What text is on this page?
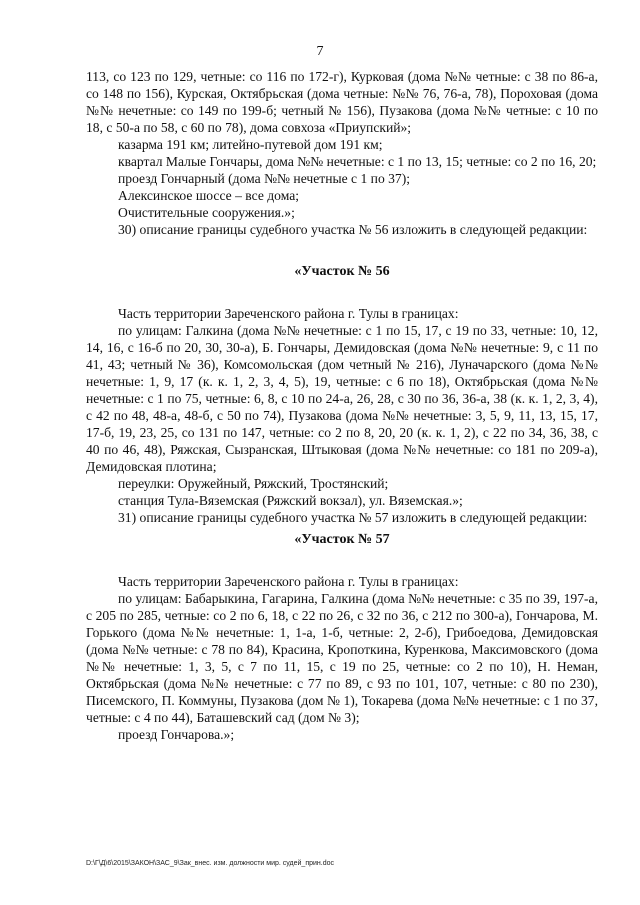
7

113, со 123 по 129, четные: со 116 по 172-г), Курковая (дома №№ четные: с 38 по 86-а, со 148 по 156), Курская, Октябрьская (дома четные: №№ 76, 76-а, 78), Пороховая (дома №№ нечетные: со 149 по 199-б; четный № 156), Пузакова (дома №№ четные: с 10 по 18, с 50-а по 58, с 60 по 78), дома совхоза «Приупский»;

казарма 191 км; литейно-путевой дом 191 км;

квартал Малые Гончары, дома №№ нечетные: с 1 по 13, 15; четные: со 2 по 16, 20;

проезд Гончарный (дома №№ нечетные с 1 по 37);

Алексинское шоссе – все дома;

Очистительные сооружения.»;

30) описание границы судебного участка № 56 изложить в следующей редакции:

«Участок № 56

Часть территории Зареченского района г. Тулы в границах:

по улицам: Галкина (дома №№ нечетные: с 1 по 15, 17, с 19 по 33, четные: 10, 12, 14, 16, с 16-б по 20, 30, 30-а), Б. Гончары, Демидовская (дома №№ нечетные: 9, с 11 по 41, 43; четный № 36), Комсомольская (дом четный № 216), Луначарского (дома №№ нечетные: 1, 9, 17 (к. к. 1, 2, 3, 4, 5), 19, четные: с 6 по 18), Октябрьская (дома №№ нечетные: с 1 по 75, четные: 6, 8, с 10 по 24-а, 26, 28, с 30 по 36, 36-а, 38 (к. к. 1, 2, 3, 4), с 42 по 48, 48-а, 48-б, с 50 по 74), Пузакова (дома №№ нечетные: 3, 5, 9, 11, 13, 15, 17, 17-б, 19, 23, 25, со 131 по 147, четные: со 2 по 8, 20, 20 (к. к. 1, 2), с 22 по 34, 36, 38, с 40 по 46, 48), Ряжская, Сызранская, Штыковая (дома №№ нечетные: со 181 по 209-а), Демидовская плотина;

переулки: Оружейный, Ряжский, Тростянский;

станция Тула-Вяземская (Ряжский вокзал), ул. Вяземская.»;

31) описание границы судебного участка № 57 изложить в следующей редакции:

«Участок № 57

Часть территории Зареченского района г. Тулы в границах:

по улицам: Бабарыкина, Гагарина, Галкина (дома №№ нечетные: с 35 по 39, 197-а, с 205 по 285, четные: со 2 по 6, 18, с 22 по 26, с 32 по 36, с 212 по 300-а), Гончарова, М. Горького (дома №№ нечетные: 1, 1-а, 1-б, четные: 2, 2-б), Грибоедова, Демидовская (дома №№ четные: с 78 по 84), Красина, Кропоткина, Куренкова, Максимовского (дома №№ нечетные: 1, 3, 5, с 7 по 11, 15, с 19 по 25, четные: со 2 по 10), Н. Неман, Октябрьская (дома №№ нечетные: с 77 по 89, с 93 по 101, 107, четные: с 80 по 230), Писемского, П. Коммуны, Пузакова (дом № 1), Токарева (дома №№ нечетные: с 1 по 37, четные: с 4 по 44), Баташевский сад (дом № 3);

проезд Гончарова.»;

D:\Г\Д\6\2015\ЗАКОН\ЗАС_9\Зак_внес. изм. должности мир. судей_прин.doc
